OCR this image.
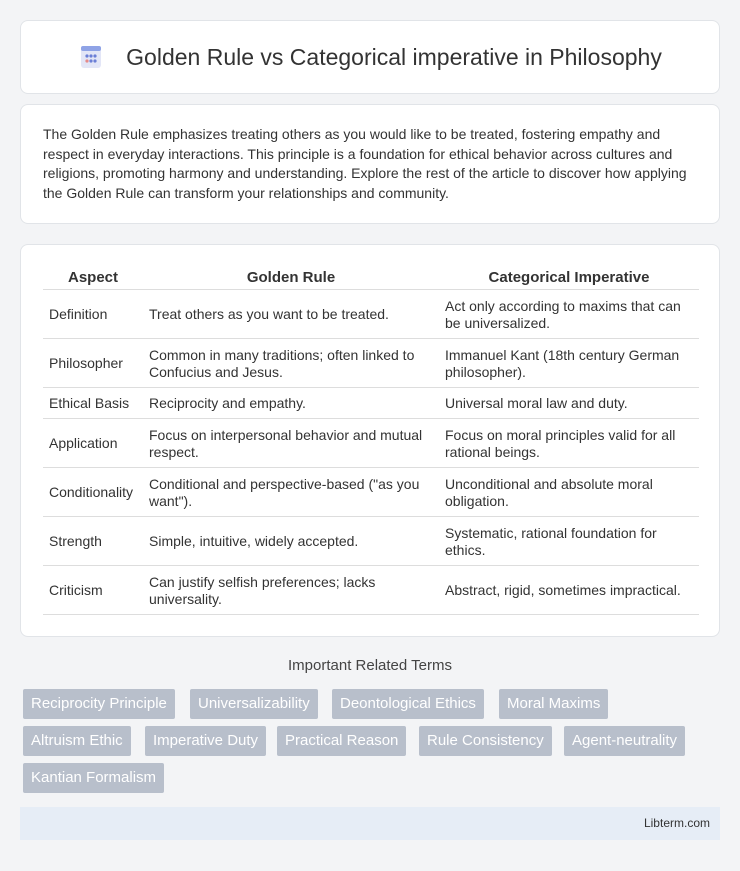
Golden Rule vs Categorical imperative in Philosophy

The Golden Rule emphasizes treating others as you would like to be treated, fostering empathy and respect in everyday interactions. This principle is a foundation for ethical behavior across cultures and religions, promoting harmony and understanding. Explore the rest of the article to discover how applying the Golden Rule can transform your relationships and community.

Aspect	Golden Rule	Categorical Imperative
Definition	Treat others as you want to be treated.	Act only according to maxims that can be universalized.
Philosopher	Common in many traditions; often linked to Confucius and Jesus.	Immanuel Kant (18th century German philosopher).
Ethical Basis	Reciprocity and empathy.	Universal moral law and duty.
Application	Focus on interpersonal behavior and mutual respect.	Focus on moral principles valid for all rational beings.
Conditionality	Conditional and perspective-based ("as you want").	Unconditional and absolute moral obligation.
Strength	Simple, intuitive, widely accepted.	Systematic, rational foundation for ethics.
Criticism	Can justify selfish preferences; lacks universality.	Abstract, rigid, sometimes impractical.
Important Related Terms
Reciprocity Principle	Universalizability	Deontological Ethics	Moral Maxims
Altruism Ethic	Imperative Duty	Practical Reason	Rule Consistency	Agent-neutrality
Kantian Formalism
Libterm.com
